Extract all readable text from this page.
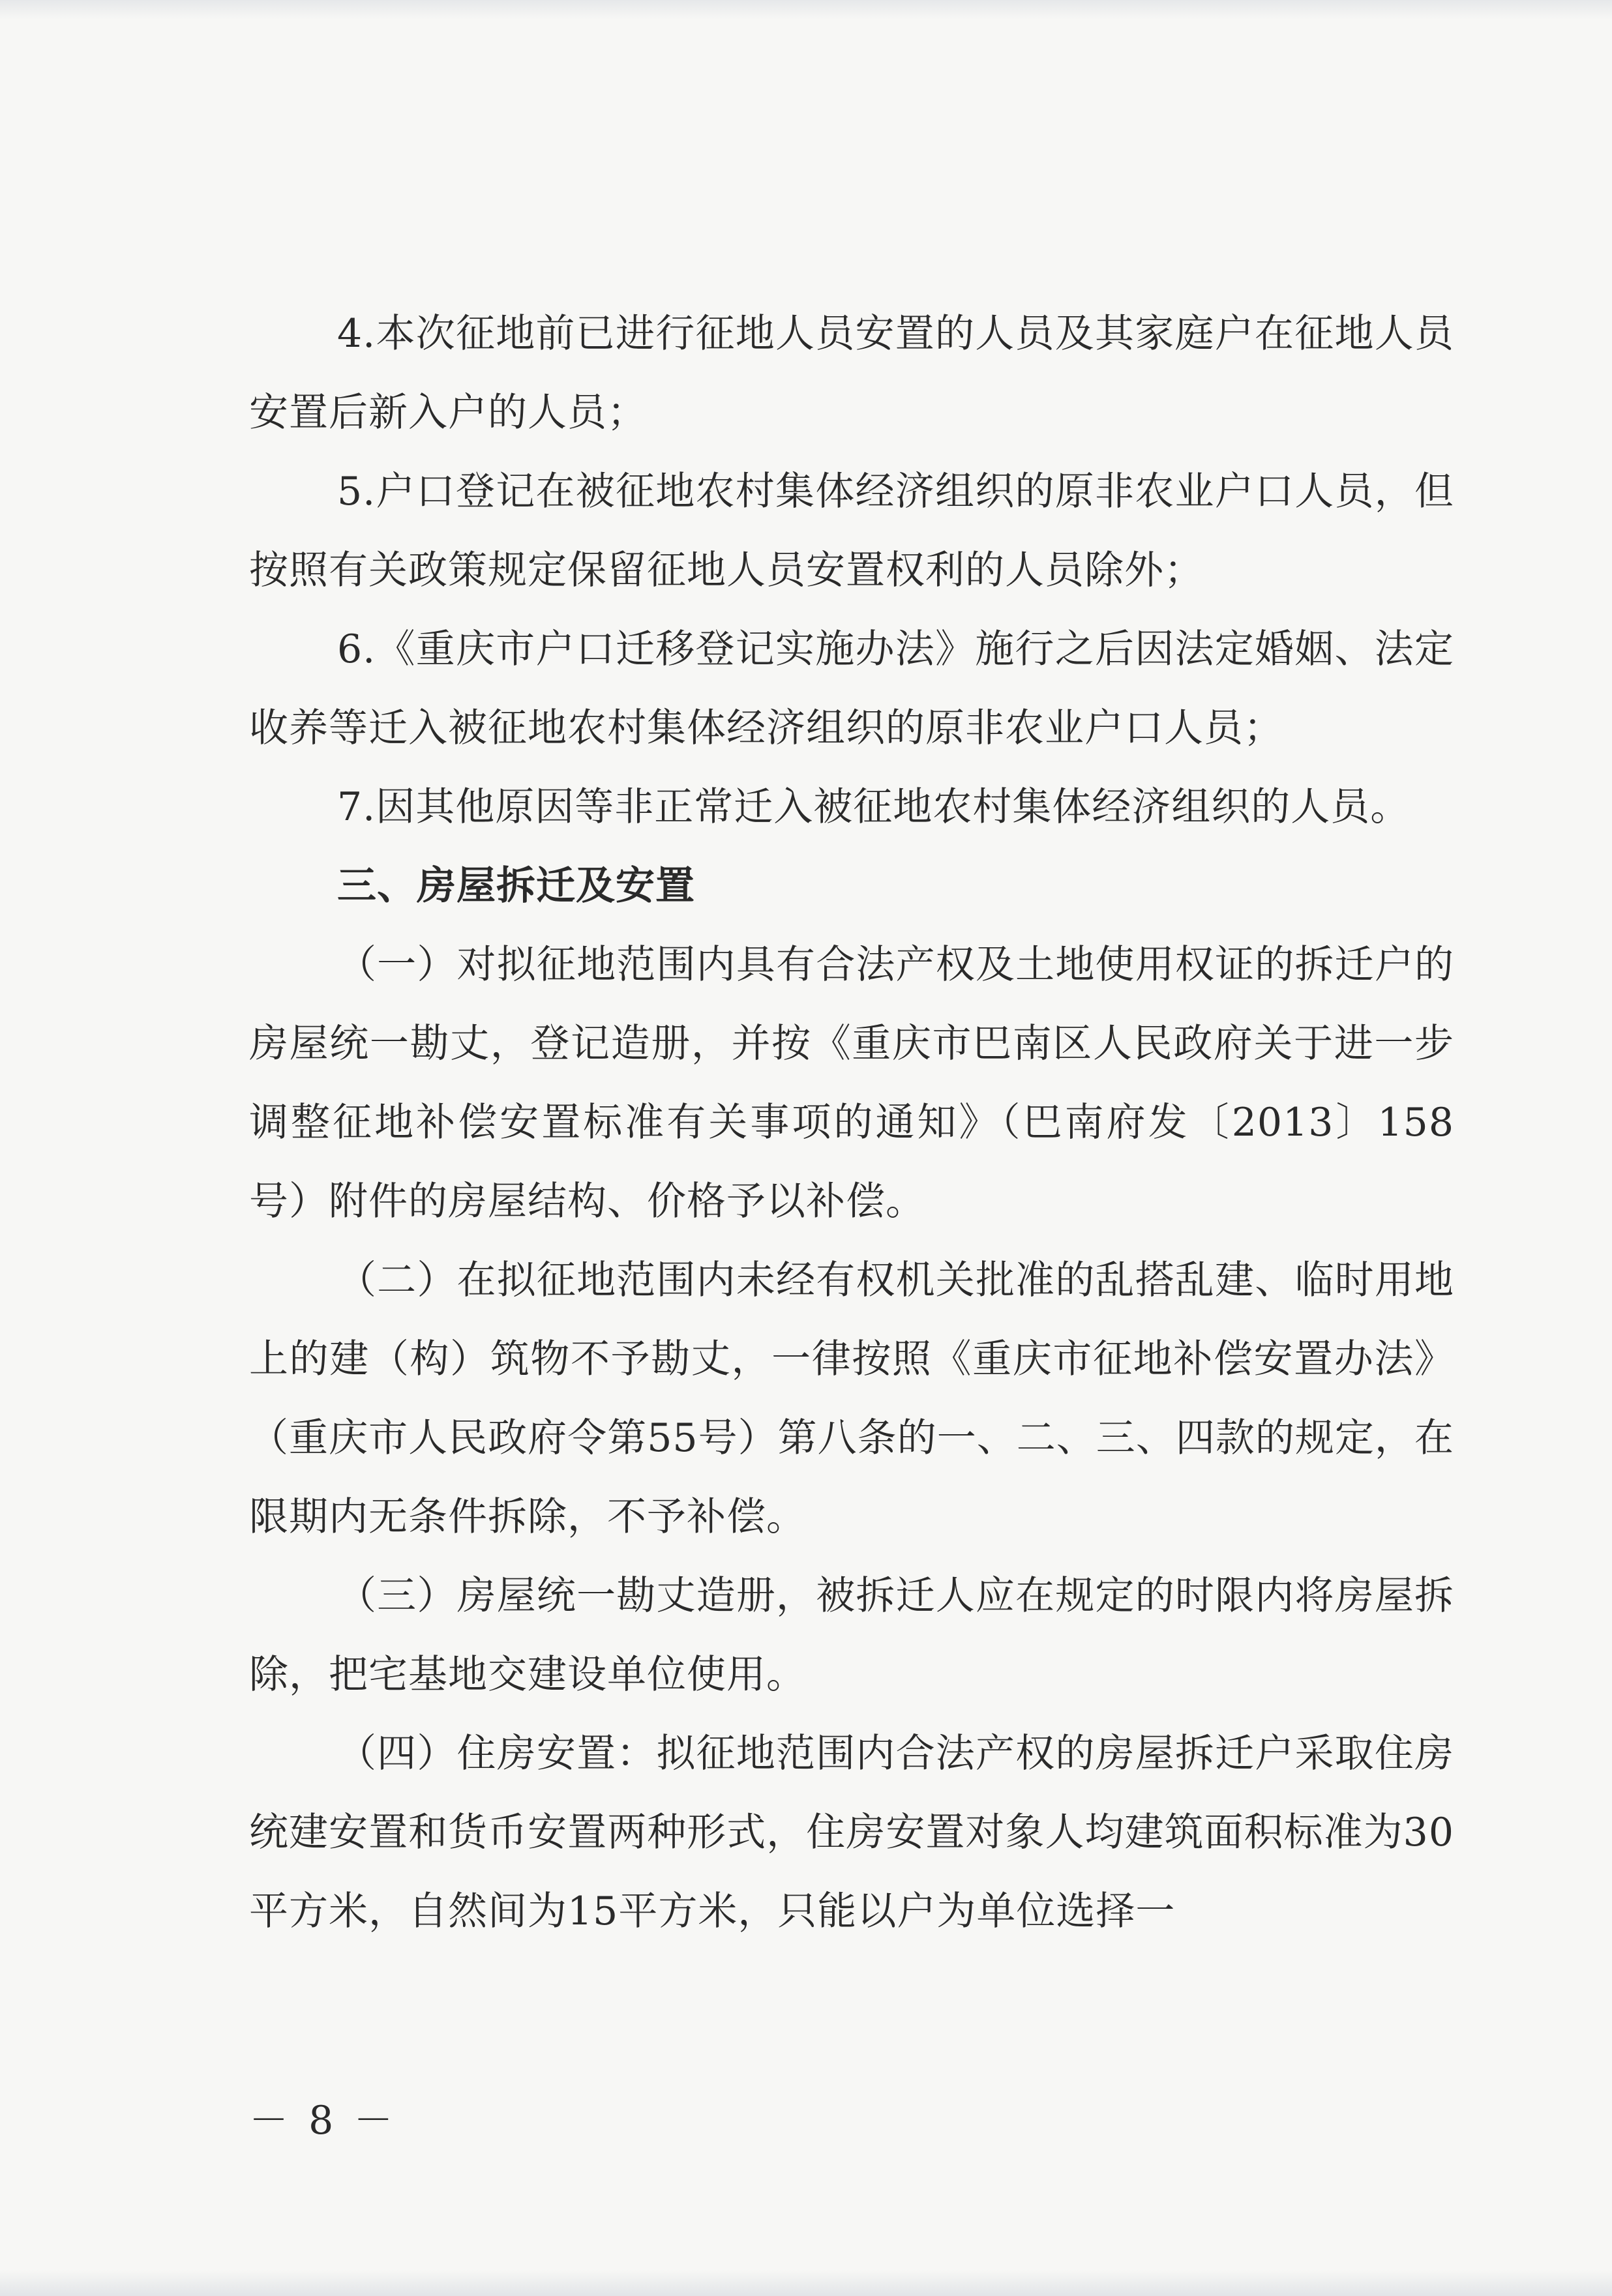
4.本次征地前已进行征地人员安置的人员及其家庭户在征地人员安置后新入户的人员；

5.户口登记在被征地农村集体经济组织的原非农业户口人员，但按照有关政策规定保留征地人员安置权利的人员除外；

6.《重庆市户口迁移登记实施办法》施行之后因法定婚姻、法定收养等迁入被征地农村集体经济组织的原非农业户口人员；

7.因其他原因等非正常迁入被征地农村集体经济组织的人员。

三、房屋拆迁及安置

（一）对拟征地范围内具有合法产权及土地使用权证的拆迁户的房屋统一勘丈，登记造册，并按《重庆市巴南区人民政府关于进一步调整征地补偿安置标准有关事项的通知》（巴南府发〔2013〕158号）附件的房屋结构、价格予以补偿。

（二）在拟征地范围内未经有权机关批准的乱搭乱建、临时用地上的建（构）筑物不予勘丈，一律按照《重庆市征地补偿安置办法》（重庆市人民政府令第55号）第八条的一、二、三、四款的规定，在限期内无条件拆除，不予补偿。

（三）房屋统一勘丈造册，被拆迁人应在规定的时限内将房屋拆除，把宅基地交建设单位使用。

（四）住房安置：拟征地范围内合法产权的房屋拆迁户采取住房统建安置和货币安置两种形式，住房安置对象人均建筑面积标准为30平方米，自然间为15平方米，只能以户为单位选择一

－ 8 －
